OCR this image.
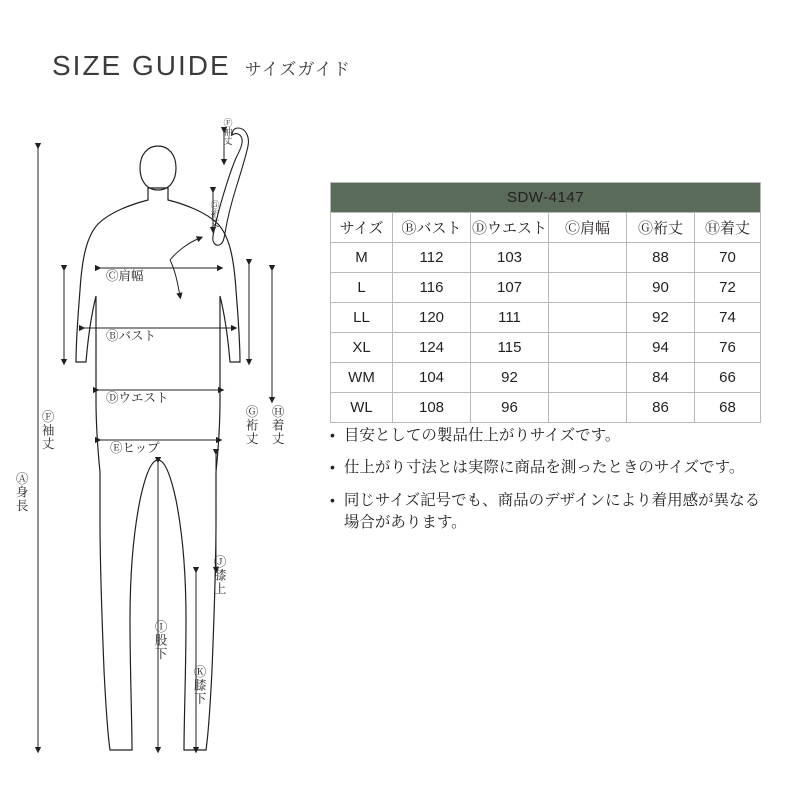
SIZE GUIDE サイズガイド
Ⓐ身長
Ⓕ袖丈
Ⓒ肩幅
Ⓑバスト
Ⓓウエスト
Ⓔヒップ
Ⓖ裄丈 Ⓗ着丈
Ⓘ股下
Ⓙ膝上
Ⓚ膝下
Ⓕ袖丈
Ⓖ裄丈
SDW-4147					
サイズ	Ⓑバスト	Ⓓウエスト	Ⓒ肩幅	Ⓖ裄丈	Ⓗ着丈
M	112	103		88	70
L	116	107		90	72
LL	120	111		92	74
XL	124	115		94	76
WM	104	92		84	66
WL	108	96		86	68
• 目安としての製品仕上がりサイズです。
• 仕上がり寸法とは実際に商品を測ったときのサイズです。
• 同じサイズ記号でも、商品のデザインにより着用感が異なる場合があります。
